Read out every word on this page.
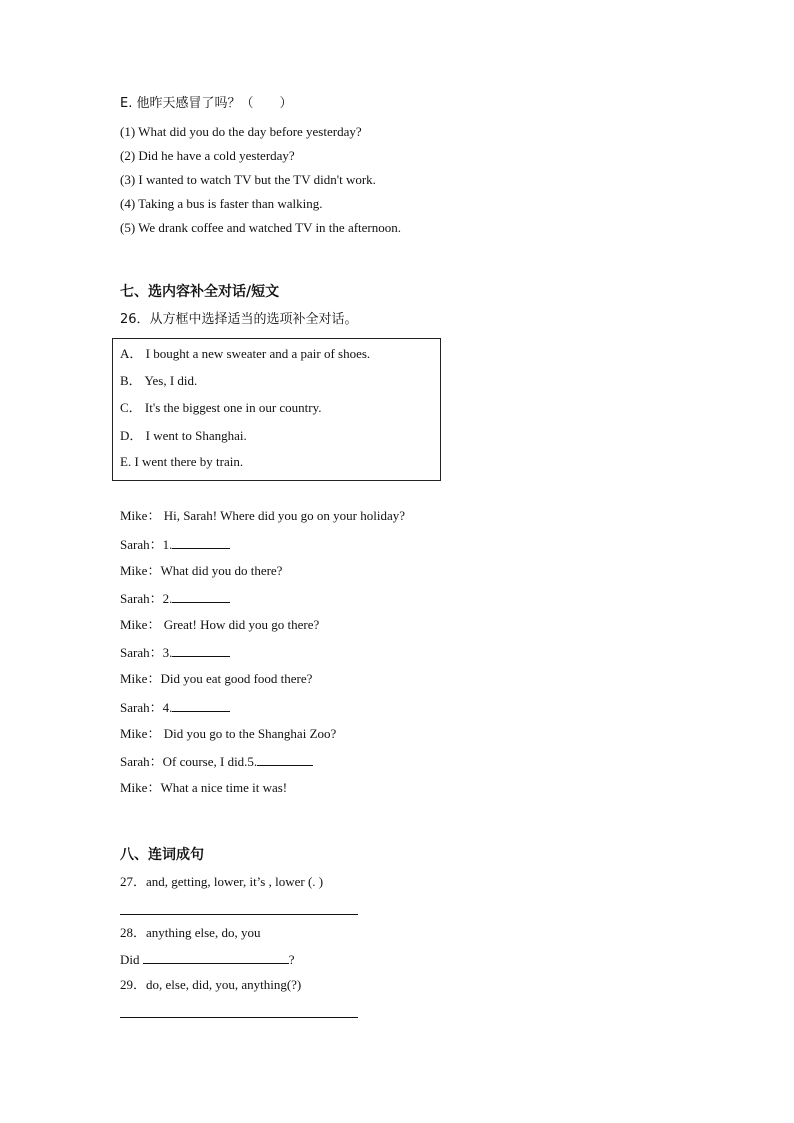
E. 他昨天感冒了吗？（　　）
(1) What did you do the day before yesterday?
(2) Did he have a cold yesterday?
(3) I wanted to watch TV but the TV didn't work.
(4) Taking a bus is faster than walking.
(5) We drank coffee and watched TV in the afternoon.
七、选内容补全对话/短文
26．从方框中选择适当的选项补全对话。
A． I bought a new sweater and a pair of shoes.
B． Yes, I did.
C． It's the biggest one in our country.
D． I went to Shanghai.
E. I went there by train.
Mike： Hi, Sarah! Where did you go on your holiday?
Sarah：1.
Mike：What did you do there?
Sarah：2.
Mike： Great! How did you go there?
Sarah：3.
Mike：Did you eat good food there?
Sarah：4.
Mike： Did you go to the Shanghai Zoo?
Sarah：Of course, I did.5.
Mike：What a nice time it was!
八、连词成句
27．and, getting, lower, it’s , lower (. )
28．anything else, do, you
Did	?
29．do, else, did, you, anything(?)
